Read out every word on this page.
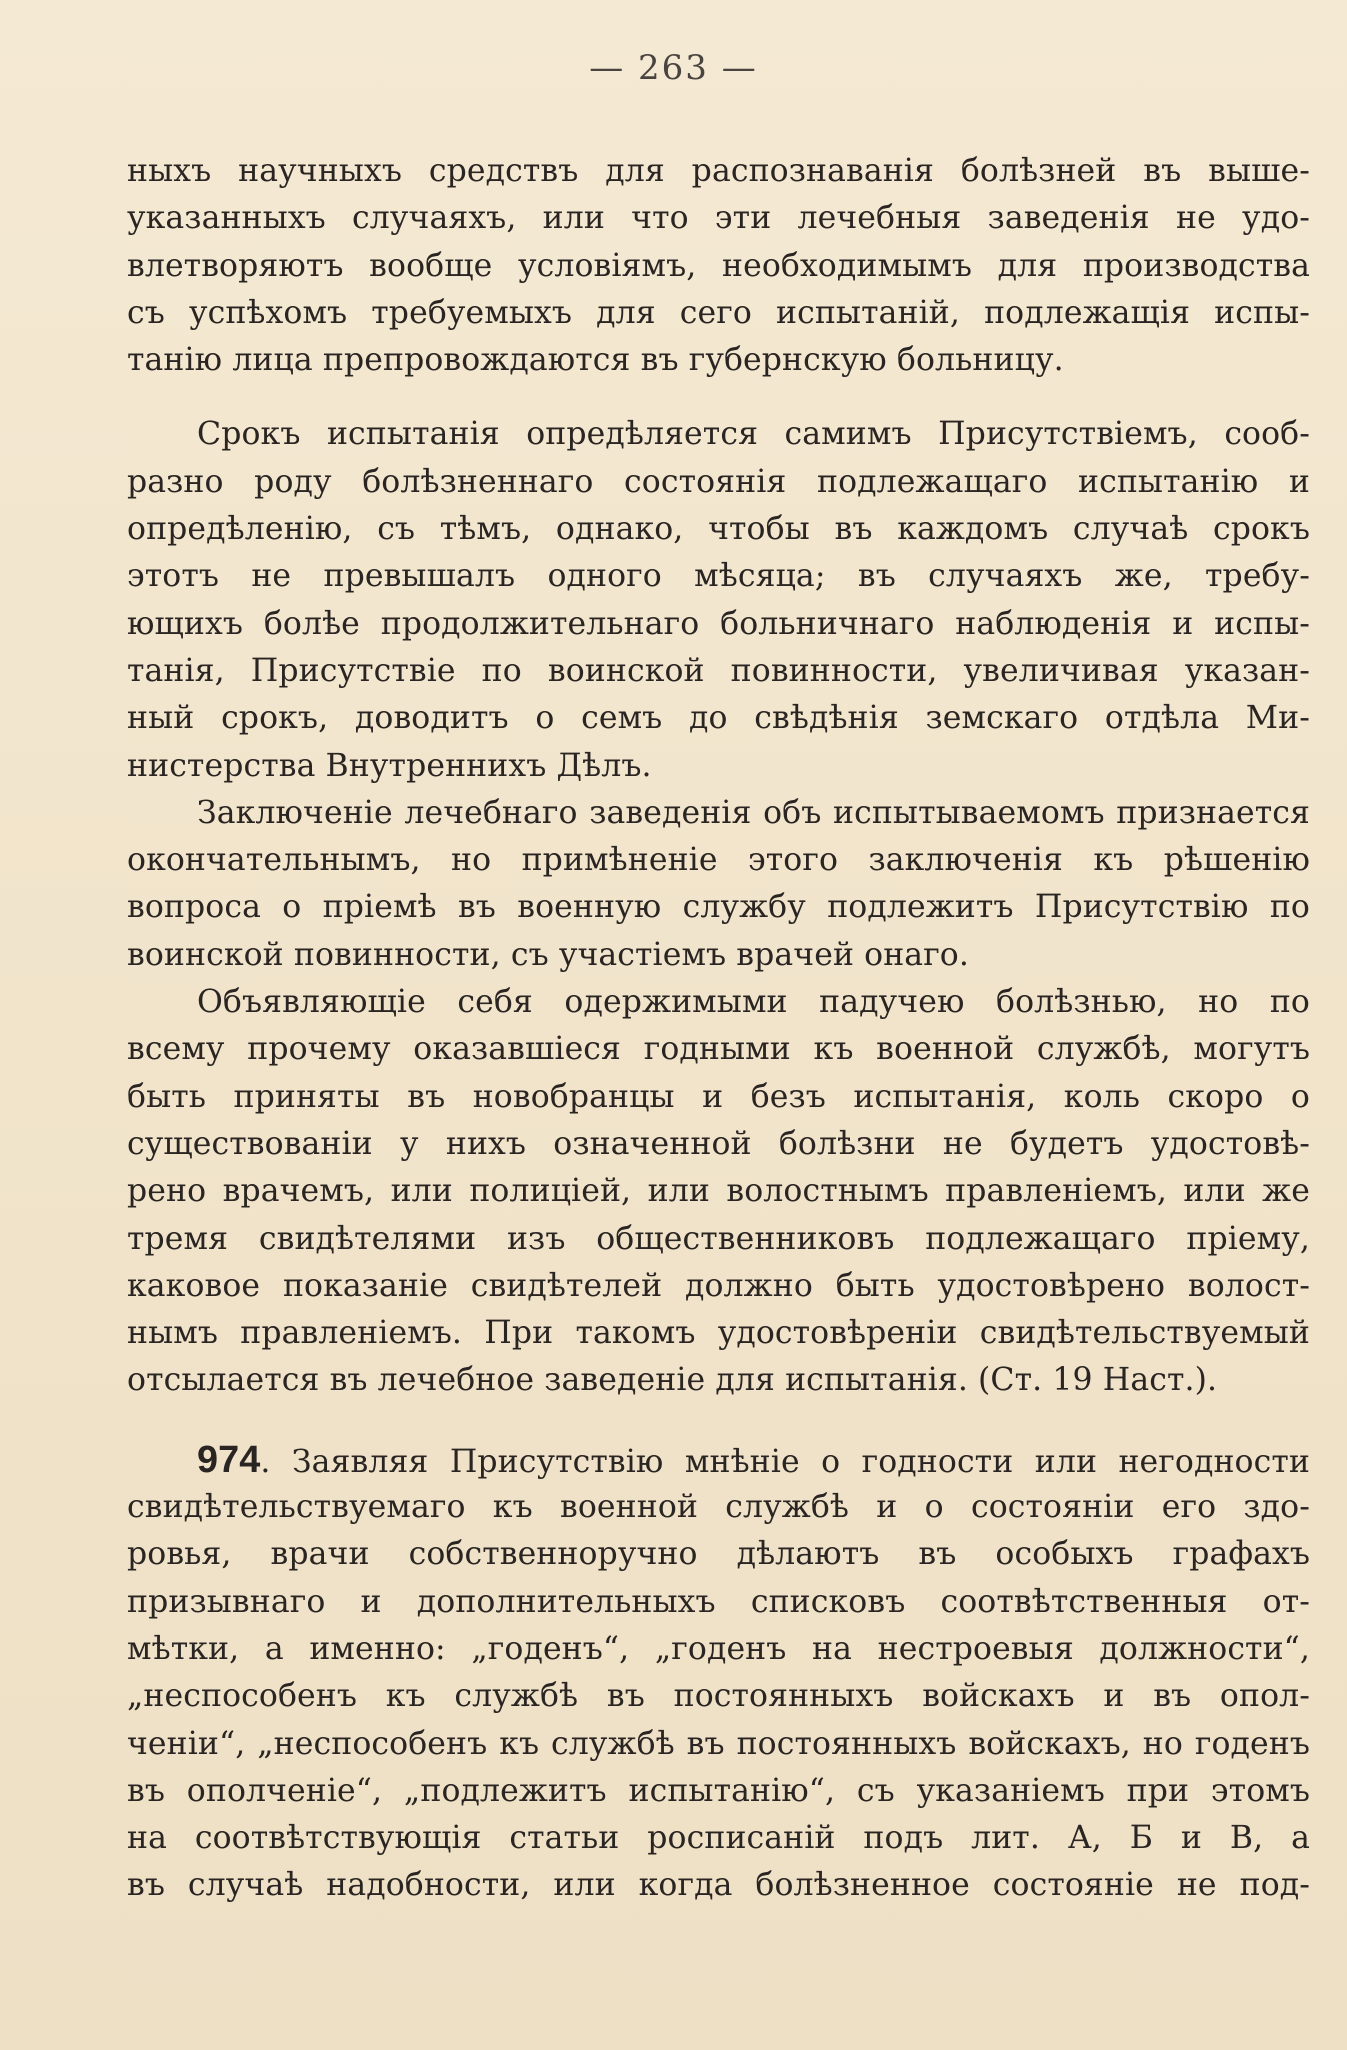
— 263 —
ныхъ научныхъ средствъ для распознаванія болѣзней въ выше-
указанныхъ случаяхъ, или что эти лечебныя заведенія не удо-
влетворяютъ вообще условіямъ, необходимымъ для производства
съ успѣхомъ требуемыхъ для сего испытаній, подлежащія испы-
танію лица препровождаются въ губернскую больницу.
Срокъ испытанія опредѣляется самимъ Присутствіемъ, сооб-
разно роду болѣзненнаго состоянія подлежащаго испытанію и
опредѣленію, съ тѣмъ, однако, чтобы въ каждомъ случаѣ срокъ
этотъ не превышалъ одного мѣсяца; въ случаяхъ же, требу-
ющихъ болѣе продолжительнаго больничнаго наблюденія и испы-
танія, Присутствіе по воинской повинности, увеличивая указан-
ный срокъ, доводитъ о семъ до свѣдѣнія земскаго отдѣла Ми-
нистерства Внутреннихъ Дѣлъ.
Заключеніе лечебнаго заведенія объ испытываемомъ признается
окончательнымъ, но примѣненіе этого заключенія къ рѣшенію
вопроса о пріемѣ въ военную службу подлежитъ Присутствію по
воинской повинности, съ участіемъ врачей онаго.
Объявляющіе себя одержимыми падучею болѣзнью, но по
всему прочему оказавшіеся годными къ военной службѣ, могутъ
быть приняты въ новобранцы и безъ испытанія, коль скоро о
существованіи у нихъ означенной болѣзни не будетъ удостовѣ-
рено врачемъ, или полиціей, или волостнымъ правленіемъ, или же
тремя свидѣтелями изъ общественниковъ подлежащаго пріему,
каковое показаніе свидѣтелей должно быть удостовѣрено волост-
нымъ правленіемъ. При такомъ удостовѣреніи свидѣтельствуемый
отсылается въ лечебное заведеніе для испытанія. (Ст. 19 Наст.).
974. Заявляя Присутствію мнѣніе о годности или негодности
свидѣтельствуемаго къ военной службѣ и о состояніи его здо-
ровья, врачи собственноручно дѣлаютъ въ особыхъ графахъ
призывнаго и дополнительныхъ списковъ соотвѣтственныя от-
мѣтки, а именно: „годенъ“, „годенъ на нестроевыя должности“,
„неспособенъ къ службѣ въ постоянныхъ войскахъ и въ опол-
ченіи“, „неспособенъ къ службѣ въ постоянныхъ войскахъ, но годенъ
въ ополченіе“, „подлежитъ испытанію“, съ указаніемъ при этомъ
на соотвѣтствующія статьи росписаній подъ лит. А, Б и В, а
въ случаѣ надобности, или когда болѣзненное состояніе не под-
